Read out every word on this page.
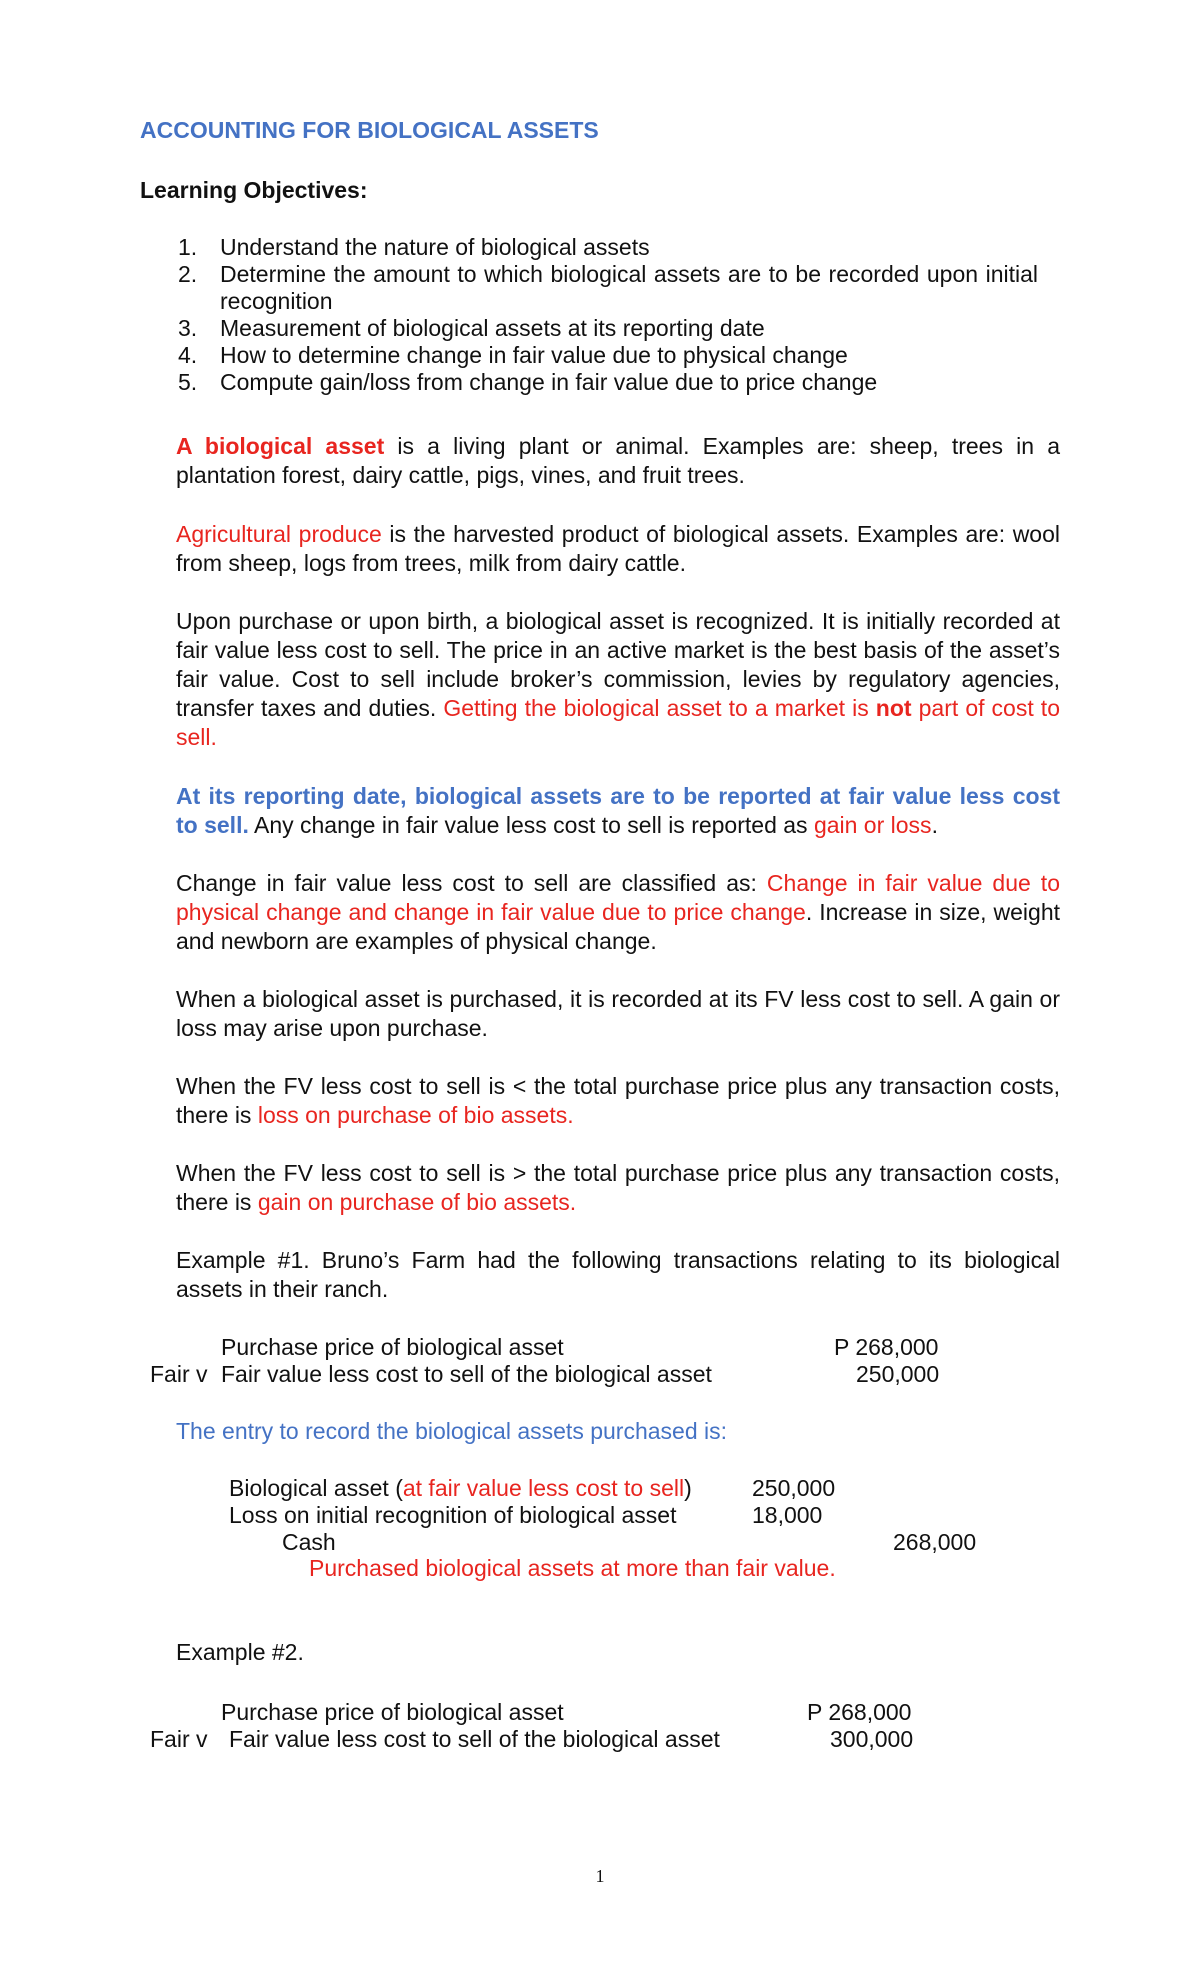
ACCOUNTING FOR BIOLOGICAL ASSETS
Learning Objectives:
1. Understand the nature of biological assets
2. Determine the amount to which biological assets are to be recorded upon initial recognition
3. Measurement of biological assets at its reporting date
4. How to determine change in fair value due to physical change
5. Compute gain/loss from change in fair value due to price change
A biological asset is a living plant or animal. Examples are: sheep, trees in a plantation forest, dairy cattle, pigs, vines, and fruit trees.
Agricultural produce is the harvested product of biological assets. Examples are: wool from sheep, logs from trees, milk from dairy cattle.
Upon purchase or upon birth, a biological asset is recognized. It is initially recorded at fair value less cost to sell. The price in an active market is the best basis of the asset’s fair value. Cost to sell include broker’s commission, levies by regulatory agencies, transfer taxes and duties. Getting the biological asset to a market is not part of cost to sell.
At its reporting date, biological assets are to be reported at fair value less cost to sell. Any change in fair value less cost to sell is reported as gain or loss.
Change in fair value less cost to sell are classified as: Change in fair value due to physical change and change in fair value due to price change. Increase in size, weight and newborn are examples of physical change.
When a biological asset is purchased, it is recorded at its FV less cost to sell. A gain or loss may arise upon purchase.
When the FV less cost to sell is < the total purchase price plus any transaction costs, there is loss on purchase of bio assets.
When the FV less cost to sell is > the total purchase price plus any transaction costs, there is gain on purchase of bio assets.
Example #1. Bruno’s Farm had the following transactions relating to its biological assets in their ranch.
Purchase price of biological asset	P 268,000
Fair v Fair value less cost to sell of the biological asset	250,000
The entry to record the biological assets purchased is:
Biological asset (at fair value less cost to sell)	250,000
Loss on initial recognition of biological asset	18,000
Cash	268,000
Purchased biological assets at more than fair value.
Example #2.
Purchase price of biological asset	P 268,000
Fair v Fair value less cost to sell of the biological asset	300,000
1
